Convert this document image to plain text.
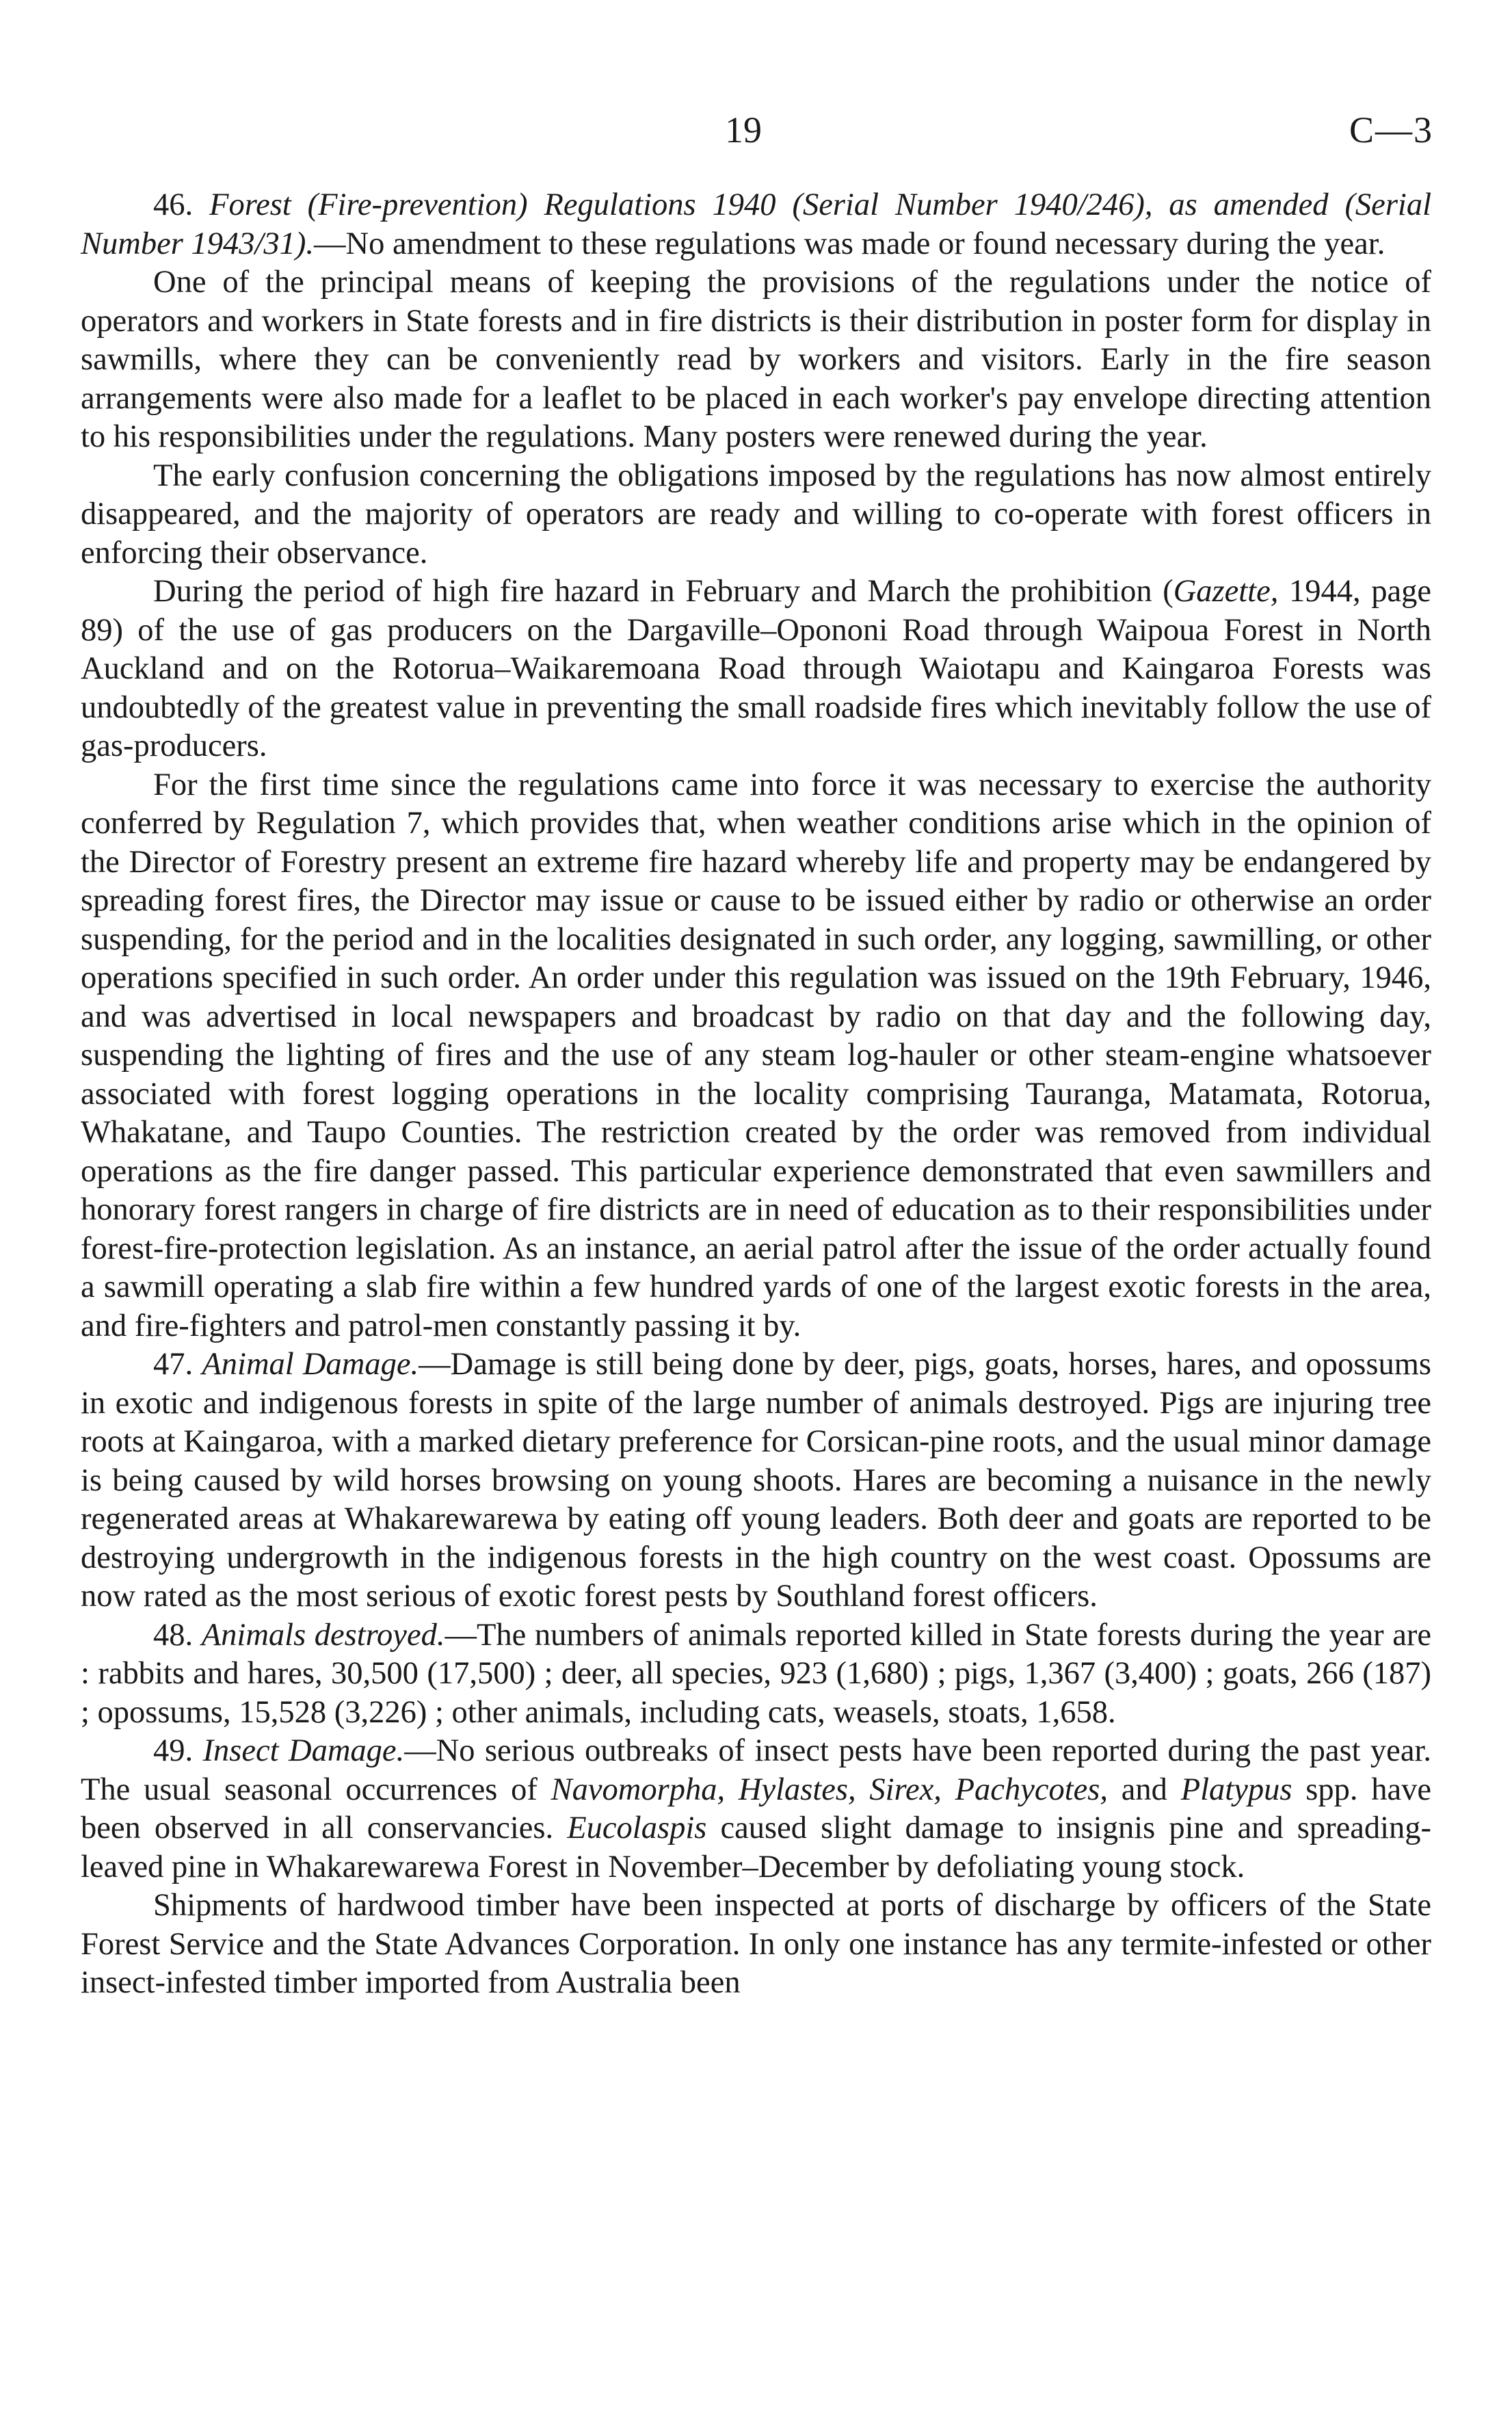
19	C—3

46. Forest (Fire-prevention) Regulations 1940 (Serial Number 1940/246), as amended (Serial Number 1943/31).—No amendment to these regulations was made or found necessary during the year.

One of the principal means of keeping the provisions of the regulations under the notice of operators and workers in State forests and in fire districts is their distribution in poster form for display in sawmills, where they can be conveniently read by workers and visitors. Early in the fire season arrangements were also made for a leaflet to be placed in each worker's pay envelope directing attention to his responsibilities under the regulations. Many posters were renewed during the year.

The early confusion concerning the obligations imposed by the regulations has now almost entirely disappeared, and the majority of operators are ready and willing to co-operate with forest officers in enforcing their observance.

During the period of high fire hazard in February and March the prohibition (Gazette, 1944, page 89) of the use of gas producers on the Dargaville–Opononi Road through Waipoua Forest in North Auckland and on the Rotorua–Waikaremoana Road through Waiotapu and Kaingaroa Forests was undoubtedly of the greatest value in preventing the small roadside fires which inevitably follow the use of gas-producers.

For the first time since the regulations came into force it was necessary to exercise the authority conferred by Regulation 7, which provides that, when weather conditions arise which in the opinion of the Director of Forestry present an extreme fire hazard whereby life and property may be endangered by spreading forest fires, the Director may issue or cause to be issued either by radio or otherwise an order suspending, for the period and in the localities designated in such order, any logging, sawmilling, or other operations specified in such order. An order under this regulation was issued on the 19th February, 1946, and was advertised in local newspapers and broadcast by radio on that day and the following day, suspending the lighting of fires and the use of any steam log-hauler or other steam-engine whatsoever associated with forest logging operations in the locality comprising Tauranga, Matamata, Rotorua, Whakatane, and Taupo Counties. The restriction created by the order was removed from individual operations as the fire danger passed. This particular experience demonstrated that even sawmillers and honorary forest rangers in charge of fire districts are in need of education as to their responsibilities under forest-fire-protection legislation. As an instance, an aerial patrol after the issue of the order actually found a sawmill operating a slab fire within a few hundred yards of one of the largest exotic forests in the area, and fire-fighters and patrol-men constantly passing it by.

47. Animal Damage.—Damage is still being done by deer, pigs, goats, horses, hares, and opossums in exotic and indigenous forests in spite of the large number of animals destroyed. Pigs are injuring tree roots at Kaingaroa, with a marked dietary preference for Corsican-pine roots, and the usual minor damage is being caused by wild horses browsing on young shoots. Hares are becoming a nuisance in the newly regenerated areas at Whakarewarewa by eating off young leaders. Both deer and goats are reported to be destroying undergrowth in the indigenous forests in the high country on the west coast. Opossums are now rated as the most serious of exotic forest pests by Southland forest officers.

48. Animals destroyed.—The numbers of animals reported killed in State forests during the year are : rabbits and hares, 30,500 (17,500) ; deer, all species, 923 (1,680) ; pigs, 1,367 (3,400) ; goats, 266 (187) ; opossums, 15,528 (3,226) ; other animals, including cats, weasels, stoats, 1,658.

49. Insect Damage.—No serious outbreaks of insect pests have been reported during the past year. The usual seasonal occurrences of Navomorpha, Hylastes, Sirex, Pachycotes, and Platypus spp. have been observed in all conservancies. Eucolaspis caused slight damage to insignis pine and spreading-leaved pine in Whakarewarewa Forest in November–December by defoliating young stock.

Shipments of hardwood timber have been inspected at ports of discharge by officers of the State Forest Service and the State Advances Corporation. In only one instance has any termite-infested or other insect-infested timber imported from Australia been
